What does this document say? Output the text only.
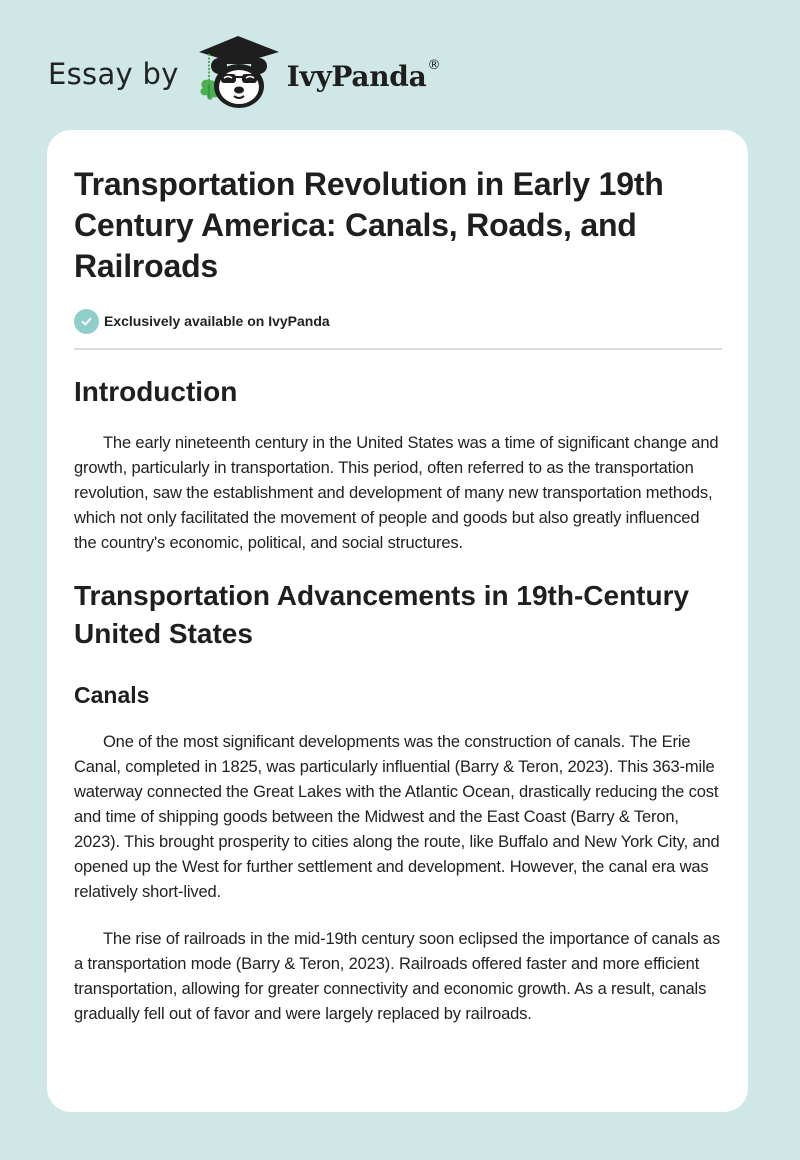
Essay by	IvyPanda®
Transportation Revolution in Early 19th Century America: Canals, Roads, and Railroads
Exclusively available on IvyPanda
Introduction

The early nineteenth century in the United States was a time of significant change and growth, particularly in transportation. This period, often referred to as the transportation revolution, saw the establishment and development of many new transportation methods, which not only facilitated the movement of people and goods but also greatly influenced the country's economic, political, and social structures.

Transportation Advancements in 19th-Century United States
Canals

One of the most significant developments was the construction of canals. The Erie Canal, completed in 1825, was particularly influential (Barry & Teron, 2023). This 363-mile waterway connected the Great Lakes with the Atlantic Ocean, drastically reducing the cost and time of shipping goods between the Midwest and the East Coast (Barry & Teron, 2023). This brought prosperity to cities along the route, like Buffalo and New York City, and opened up the West for further settlement and development. However, the canal era was relatively short-lived.

The rise of railroads in the mid-19th century soon eclipsed the importance of canals as a transportation mode (Barry & Teron, 2023). Railroads offered faster and more efficient transportation, allowing for greater connectivity and economic growth. As a result, canals gradually fell out of favor and were largely replaced by railroads.
